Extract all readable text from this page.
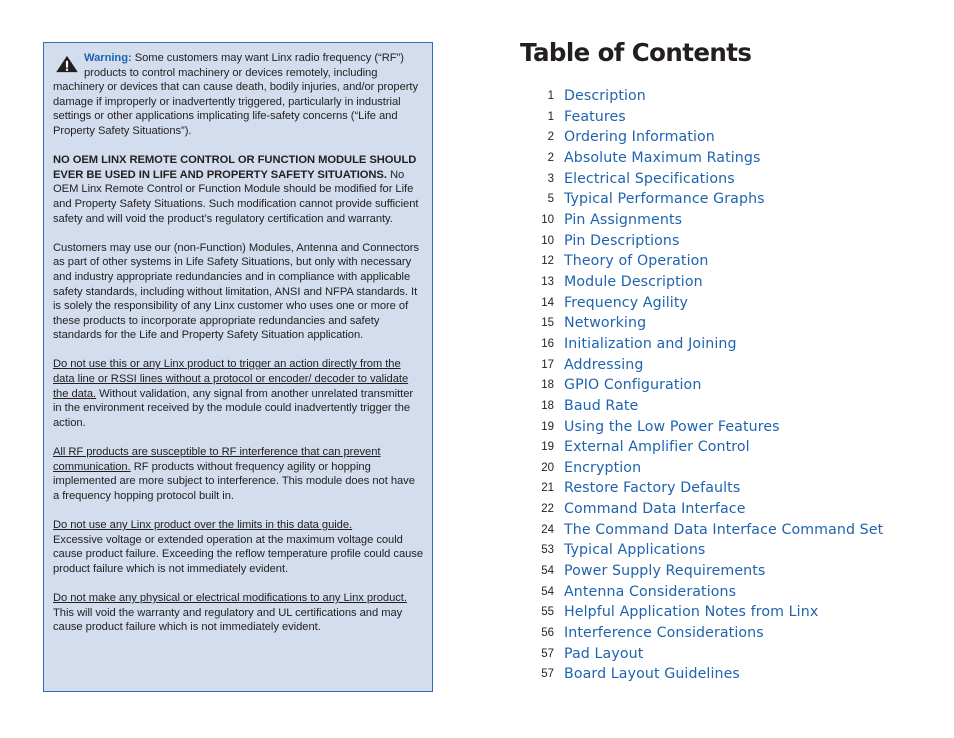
Warning: Some customers may want Linx radio frequency (“RF”) products to control machinery or devices remotely, including machinery or devices that can cause death, bodily injuries, and/or property damage if improperly or inadvertently triggered, particularly in industrial settings or other applications implicating life-safety concerns (“Life and Property Safety Situations”).

NO OEM LINX REMOTE CONTROL OR FUNCTION MODULE SHOULD EVER BE USED IN LIFE AND PROPERTY SAFETY SITUATIONS. No OEM Linx Remote Control or Function Module should be modified for Life and Property Safety Situations. Such modification cannot provide sufficient safety and will void the product’s regulatory certification and warranty.

Customers may use our (non-Function) Modules, Antenna and Connectors as part of other systems in Life Safety Situations, but only with necessary and industry appropriate redundancies and in compliance with applicable safety standards, including without limitation, ANSI and NFPA standards. It is solely the responsibility of any Linx customer who uses one or more of these products to incorporate appropriate redundancies and safety standards for the Life and Property Safety Situation application.

Do not use this or any Linx product to trigger an action directly from the data line or RSSI lines without a protocol or encoder/ decoder to validate the data. Without validation, any signal from another unrelated transmitter in the environment received by the module could inadvertently trigger the action.

All RF products are susceptible to RF interference that can prevent communication. RF products without frequency agility or hopping implemented are more subject to interference. This module does not have a frequency hopping protocol built in.

Do not use any Linx product over the limits in this data guide.
Excessive voltage or extended operation at the maximum voltage could cause product failure. Exceeding the reflow temperature profile could cause product failure which is not immediately evident.

Do not make any physical or electrical modifications to any Linx product. This will void the warranty and regulatory and UL certifications and may cause product failure which is not immediately evident.

Table of Contents
1 Description
1 Features
2 Ordering Information
2 Absolute Maximum Ratings
3 Electrical Specifications
5 Typical Performance Graphs
10 Pin Assignments
10 Pin Descriptions
12 Theory of Operation
13 Module Description
14 Frequency Agility
15 Networking
16 Initialization and Joining
17 Addressing
18 GPIO Configuration
18 Baud Rate
19 Using the Low Power Features
19 External Amplifier Control
20 Encryption
21 Restore Factory Defaults
22 Command Data Interface
24 The Command Data Interface Command Set
53 Typical Applications
54 Power Supply Requirements
54 Antenna Considerations
55 Helpful Application Notes from Linx
56 Interference Considerations
57 Pad Layout
57 Board Layout Guidelines
